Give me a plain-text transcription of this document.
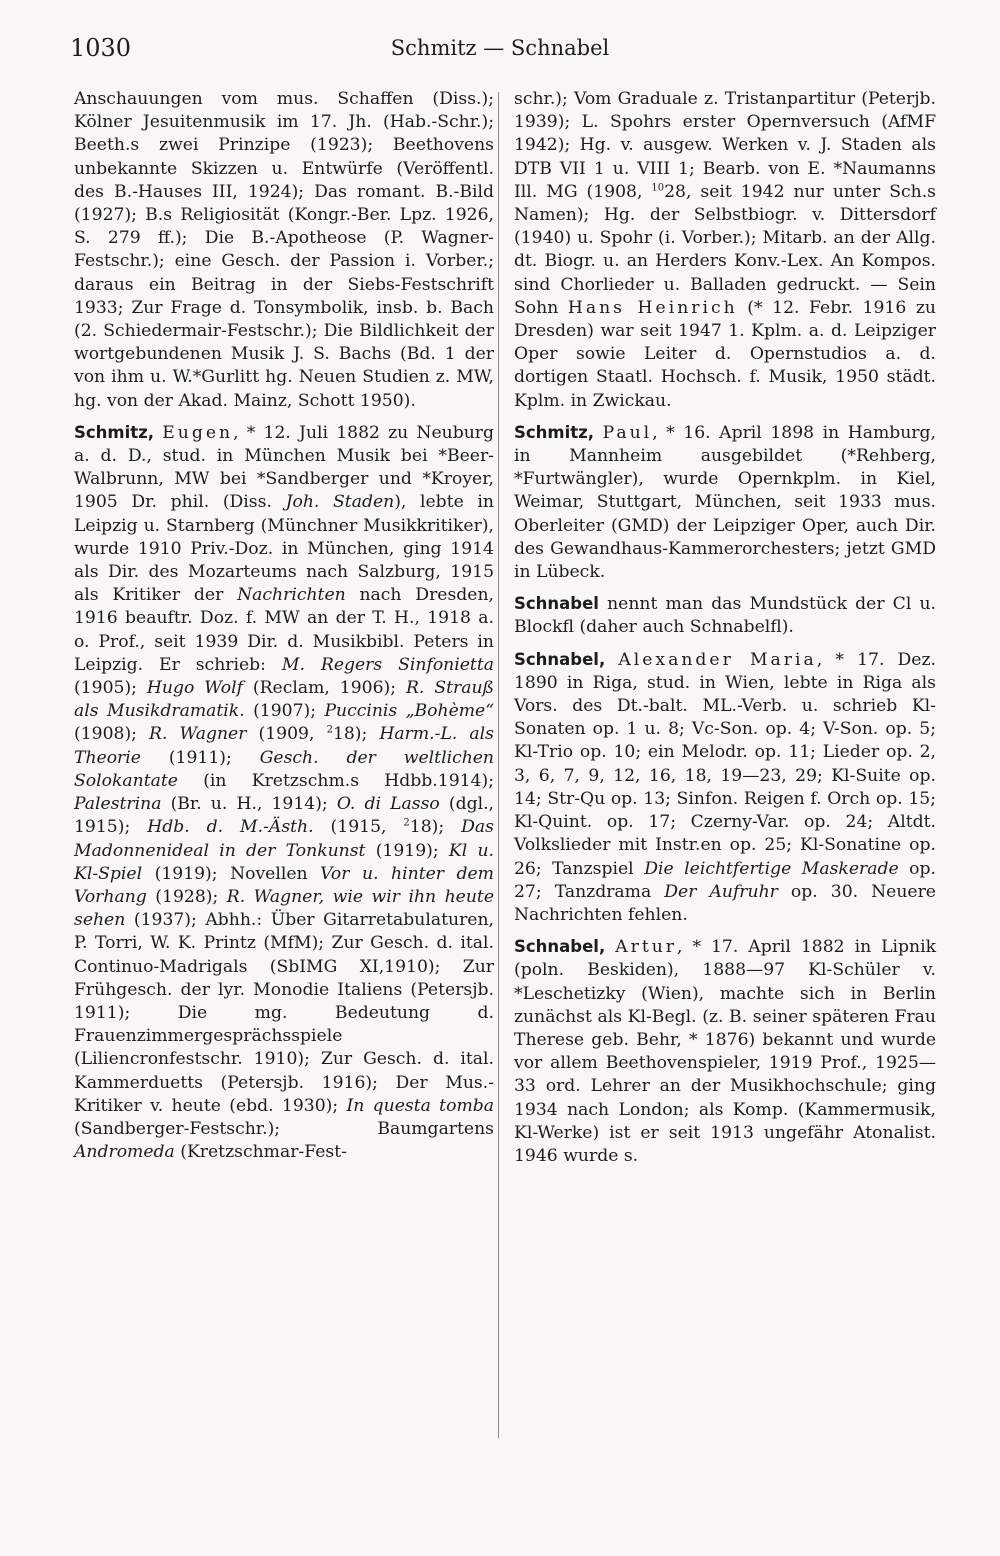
1030	Schmitz — Schnabel

Anschauungen vom mus. Schaffen (Diss.); Kölner Jesuitenmusik im 17. Jh. (Hab.-Schr.); Beeth.s zwei Prinzipe (1923); Beethovens unbekannte Skizzen u. Entwürfe (Veröffentl. des B.-Hauses III, 1924); Das romant. B.-Bild (1927); B.s Religiosität (Kongr.-Ber. Lpz. 1926, S. 279 ff.); Die B.-Apotheose (P. Wagner-Festschr.); eine Gesch. der Passion i. Vorber.; daraus ein Beitrag in der Siebs-Festschrift 1933; Zur Frage d. Tonsymbolik, insb. b. Bach (2. Schiedermair-Festschr.); Die Bildlichkeit der wortgebundenen Musik J. S. Bachs (Bd. 1 der von ihm u. W.*Gurlitt hg. Neuen Studien z. MW, hg. von der Akad. Mainz, Schott 1950).

Schmitz, Eugen, * 12. Juli 1882 zu Neuburg a. d. D., stud. in München Musik bei *Beer-Walbrunn, MW bei *Sandberger und *Kroyer, 1905 Dr. phil. (Diss. Joh. Staden), lebte in Leipzig u. Starnberg (Münchner Musikkritiker), wurde 1910 Priv.-Doz. in München, ging 1914 als Dir. des Mozarteums nach Salzburg, 1915 als Kritiker der Nachrichten nach Dresden, 1916 beauftr. Doz. f. MW an der T. H., 1918 a. o. Prof., seit 1939 Dir. d. Musikbibl. Peters in Leipzig. Er schrieb: M. Regers Sinfonietta (1905); Hugo Wolf (Reclam, 1906); R. Strauß als Musikdramatik. (1907); Puccinis „Bohème“ (1908); R. Wagner (1909, $^2$18); Harm.-L. als Theorie (1911); Gesch. der weltlichen Solokantate (in Kretzschm.s Hdbb.1914); Palestrina (Br. u. H., 1914); O. di Lasso (dgl., 1915); Hdb. d. M.-Ästh. (1915, $^2$18); Das Madonnenideal in der Tonkunst (1919); Kl u. Kl-Spiel (1919); Novellen Vor u. hinter dem Vorhang (1928); R. Wagner, wie wir ihn heute sehen (1937); Abhh.: Über Gitarretabulaturen, P. Torri, W. K. Printz (MfM); Zur Gesch. d. ital. Continuo-Madrigals (SbIMG XI,1910); Zur Frühgesch. der lyr. Monodie Italiens (Petersjb. 1911); Die mg. Bedeutung d. Frauenzimmergesprächsspiele (Liliencronfestschr. 1910); Zur Gesch. d. ital. Kammerduetts (Petersjb. 1916); Der Mus.-Kritiker v. heute (ebd. 1930); In questa tomba (Sandberger-Festschr.); Baumgartens Andromeda (Kretzschmar-Fest-

schr.); Vom Graduale z. Tristanpartitur (Peterjb. 1939); L. Spohrs erster Opernversuch (AfMF 1942); Hg. v. ausgew. Werken v. J. Staden als DTB VII 1 u. VIII 1; Bearb. von E. *Naumanns Ill. MG (1908, $^{10}$28, seit 1942 nur unter Sch.s Namen); Hg. der Selbstbiogr. v. Dittersdorf (1940) u. Spohr (i. Vorber.); Mitarb. an der Allg. dt. Biogr. u. an Herders Konv.-Lex. An Kompos. sind Chorlieder u. Balladen gedruckt. — Sein Sohn Hans Heinrich (* 12. Febr. 1916 zu Dresden) war seit 1947 1. Kplm. a. d. Leipziger Oper sowie Leiter d. Opernstudios a. d. dortigen Staatl. Hochsch. f. Musik, 1950 städt. Kplm. in Zwickau.

Schmitz, Paul, * 16. April 1898 in Hamburg, in Mannheim ausgebildet (*Rehberg, *Furtwängler), wurde Opernkplm. in Kiel, Weimar, Stuttgart, München, seit 1933 mus. Oberleiter (GMD) der Leipziger Oper, auch Dir. des Gewandhaus-Kammerorchesters; jetzt GMD in Lübeck.

Schnabel nennt man das Mundstück der Cl u. Blockfl (daher auch Schnabelfl).

Schnabel, Alexander Maria, * 17. Dez. 1890 in Riga, stud. in Wien, lebte in Riga als Vors. des Dt.-balt. ML.-Verb. u. schrieb Kl-Sonaten op. 1 u. 8; Vc-Son. op. 4; V-Son. op. 5; Kl-Trio op. 10; ein Melodr. op. 11; Lieder op. 2, 3, 6, 7, 9, 12, 16, 18, 19—23, 29; Kl-Suite op. 14; Str-Qu op. 13; Sinfon. Reigen f. Orch op. 15; Kl-Quint. op. 17; Czerny-Var. op. 24; Altdt. Volkslieder mit Instr.en op. 25; Kl-Sonatine op. 26; Tanzspiel Die leichtfertige Maskerade op. 27; Tanzdrama Der Aufruhr op. 30. Neuere Nachrichten fehlen.

Schnabel, Artur, * 17. April 1882 in Lipnik (poln. Beskiden), 1888—97 Kl-Schüler v. *Leschetizky (Wien), machte sich in Berlin zunächst als Kl-Begl. (z. B. seiner späteren Frau Therese geb. Behr, * 1876) bekannt und wurde vor allem Beethovenspieler, 1919 Prof., 1925—33 ord. Lehrer an der Musikhochschule; ging 1934 nach London; als Komp. (Kammermusik, Kl-Werke) ist er seit 1913 ungefähr Atonalist. 1946 wurde s.
